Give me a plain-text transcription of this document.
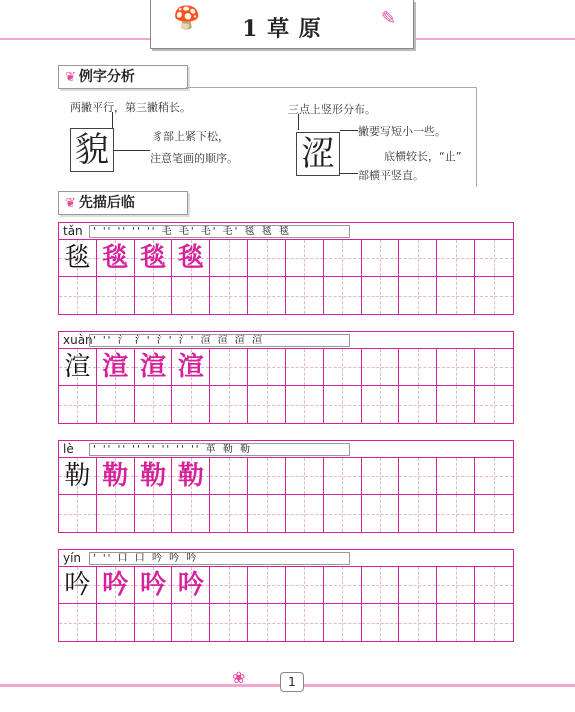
🍄	1 草 原	✎
❦ 例字分析
两撇平行，第三撇稍长。
貌	豸部上紧下松，
注意笔画的顺序。
三点上竖形分布。
撇要写短小一些。
涩	底横较长，“止”
部横平竖直。
❦ 先描后临
tǎn	' '' '' '' '' 毛 毛' 毛' 毛' 毯 毯 毯
毯 毯 毯 毯
xuàn ' '' 氵 氵' 氵' 氵' 渲 渲 渲 渲
渲 渲 渲 渲
lè	' '' '' '' '' '' '' '' 革 勒 勒
勒 勒 勒 勒
yín	' '' 口 口 吟 吟 吟
吟 吟 吟 吟
❀	1
